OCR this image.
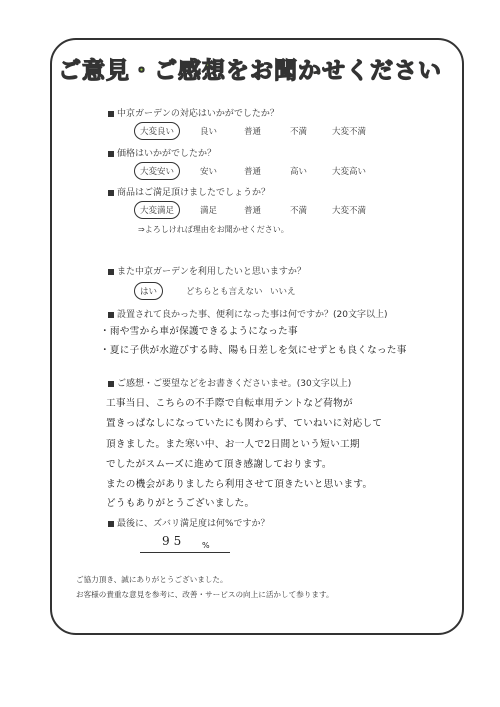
ご意見・ご感想をお聞かせください
中京ガーデンの対応はいかがでしたか？
大変良い	良い	普通	不満	大変不満
価格はいかがでしたか？
大変安い	安い	普通	高い	大変高い
商品はご満足頂けましたでしょうか？
大変満足	満足	普通	不満	大変不満
⇒よろしければ理由をお聞かせください。
また中京ガーデンを利用したいと思いますか？
はい	どちらとも言えない いいえ
設置されて良かった事、便利になった事は何ですか？(20文字以上)
・雨や雪から車が保護できるようになった事
・夏に子供が水遊びする時、陽も日差しを気にせずとも良くなった事
ご感想・ご要望などをお書きくださいませ。(30文字以上)
工事当日、こちらの不手際で自転車用テントなど荷物が
置きっぱなしになっていたにも関わらず、ていねいに対応して
頂きました。また寒い中、お一人で2日間という短い工期
でしたがスムーズに進めて頂き感謝しております。
またの機会がありましたら利用させて頂きたいと思います。
どうもありがとうございました。
最後に、ズバリ満足度は何%ですか？
95 %
ご協力頂き、誠にありがとうございました。
お客様の貴重な意見を参考に、改善・サービスの向上に活かして参ります。
